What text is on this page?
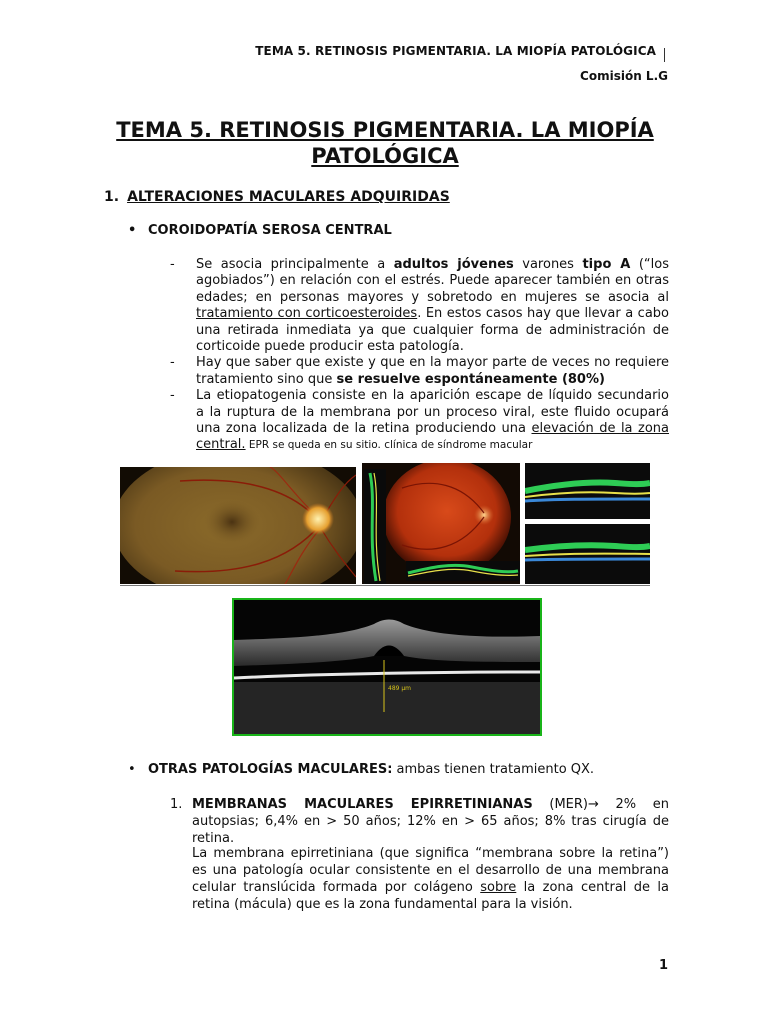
TEMA 5. RETINOSIS PIGMENTARIA. LA MIOPÍA PATOLÓGICA
Comisión L.G
TEMA 5. RETINOSIS PIGMENTARIA. LA MIOPÍA PATOLÓGICA
1. ALTERACIONES MACULARES ADQUIRIDAS
• COROIDOPATÍA SEROSA CENTRAL
-	Se asocia principalmente a adultos jóvenes varones tipo A (“los agobiados”) en relación con el estrés. Puede aparecer también en otras edades; en personas mayores y sobretodo en mujeres se asocia al tratamiento con corticoesteroides. En estos casos hay que llevar a cabo una retirada inmediata ya que cualquier forma de administración de corticoide puede producir esta patología.
-	Hay que saber que existe y que en la mayor parte de veces no requiere tratamiento sino que se resuelve espontáneamente (80%)
-	La etiopatogenia consiste en la aparición escape de líquido secundario a la ruptura de la membrana por un proceso viral, este fluido ocupará una zona localizada de la retina produciendo una elevación de la zona central. EPR se queda en su sitio. clínica de síndrome macular
489 µm
• OTRAS PATOLOGÍAS MACULARES: ambas tienen tratamiento QX.
1. MEMBRANAS MACULARES EPIRRETINIANAS (MER)→ 2% en autopsias; 6,4% en > 50 años; 12% en > 65 años; 8% tras cirugía de retina.
La membrana epirretiniana (que significa “membrana sobre la retina”) es una patología ocular consistente en el desarrollo de una membrana celular translúcida formada por colágeno sobre la zona central de la retina (mácula) que es la zona fundamental para la visión.
1
